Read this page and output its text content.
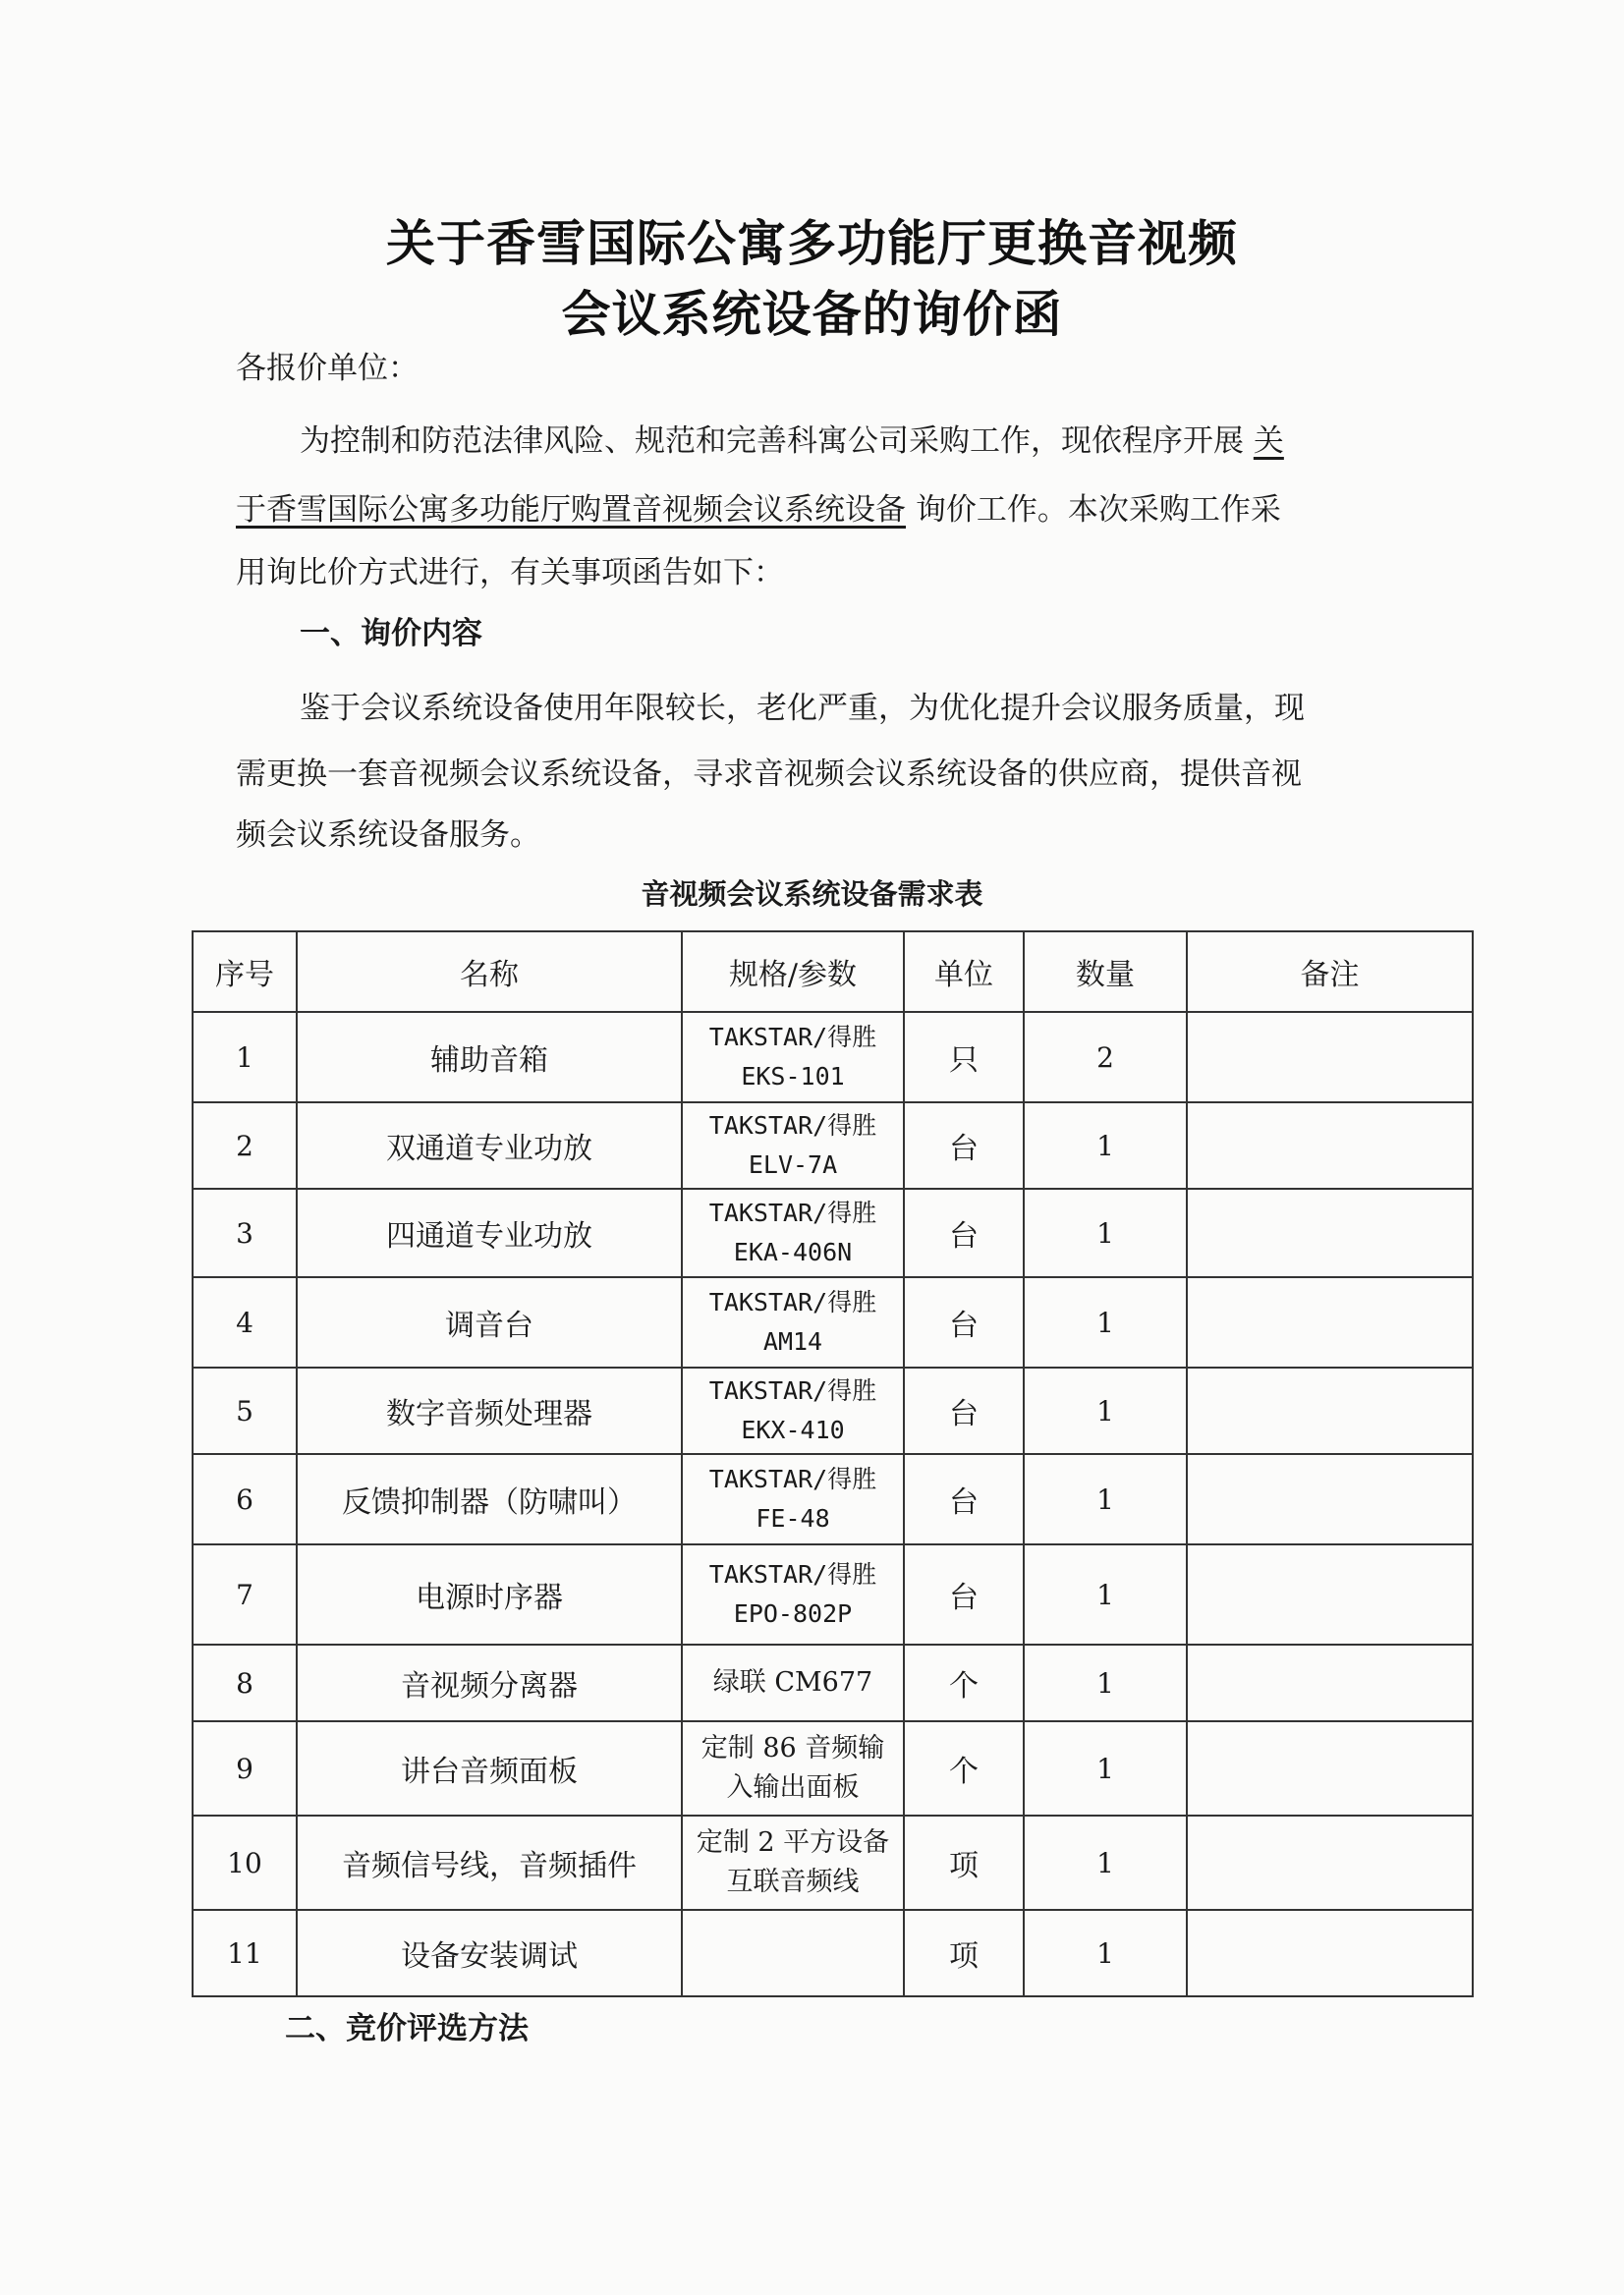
关于香雪国际公寓多功能厅更换音视频
会议系统设备的询价函
各报价单位：
为控制和防范法律风险、规范和完善科寓公司采购工作，现依程序开展 关
于香雪国际公寓多功能厅购置音视频会议系统设备 询价工作。本次采购工作采
用询比价方式进行，有关事项函告如下：
一、询价内容
鉴于会议系统设备使用年限较长，老化严重，为优化提升会议服务质量，现
需更换一套音视频会议系统设备，寻求音视频会议系统设备的供应商，提供音视
频会议系统设备服务。
音视频会议系统设备需求表
序号	名称	规格/参数	单位	数量	备注
1	辅助音箱	TAKSTAR/得胜
EKS-101	只	2	
2	双通道专业功放	TAKSTAR/得胜
ELV-7A	台	1	
3	四通道专业功放	TAKSTAR/得胜
EKA-406N	台	1	
4	调音台	TAKSTAR/得胜
AM14	台	1	
5	数字音频处理器	TAKSTAR/得胜
EKX-410	台	1	
6	反馈抑制器（防啸叫）	TAKSTAR/得胜
FE-48	台	1	
7	电源时序器	TAKSTAR/得胜
EPO-802P	台	1	
8	音视频分离器	绿联 CM677	个	1	
9	讲台音频面板	定制 86 音频输
入输出面板	个	1	
10	音频信号线，音频插件	定制 2 平方设备
互联音频线	项	1	
11	设备安装调试		项	1	
二、竞价评选方法
